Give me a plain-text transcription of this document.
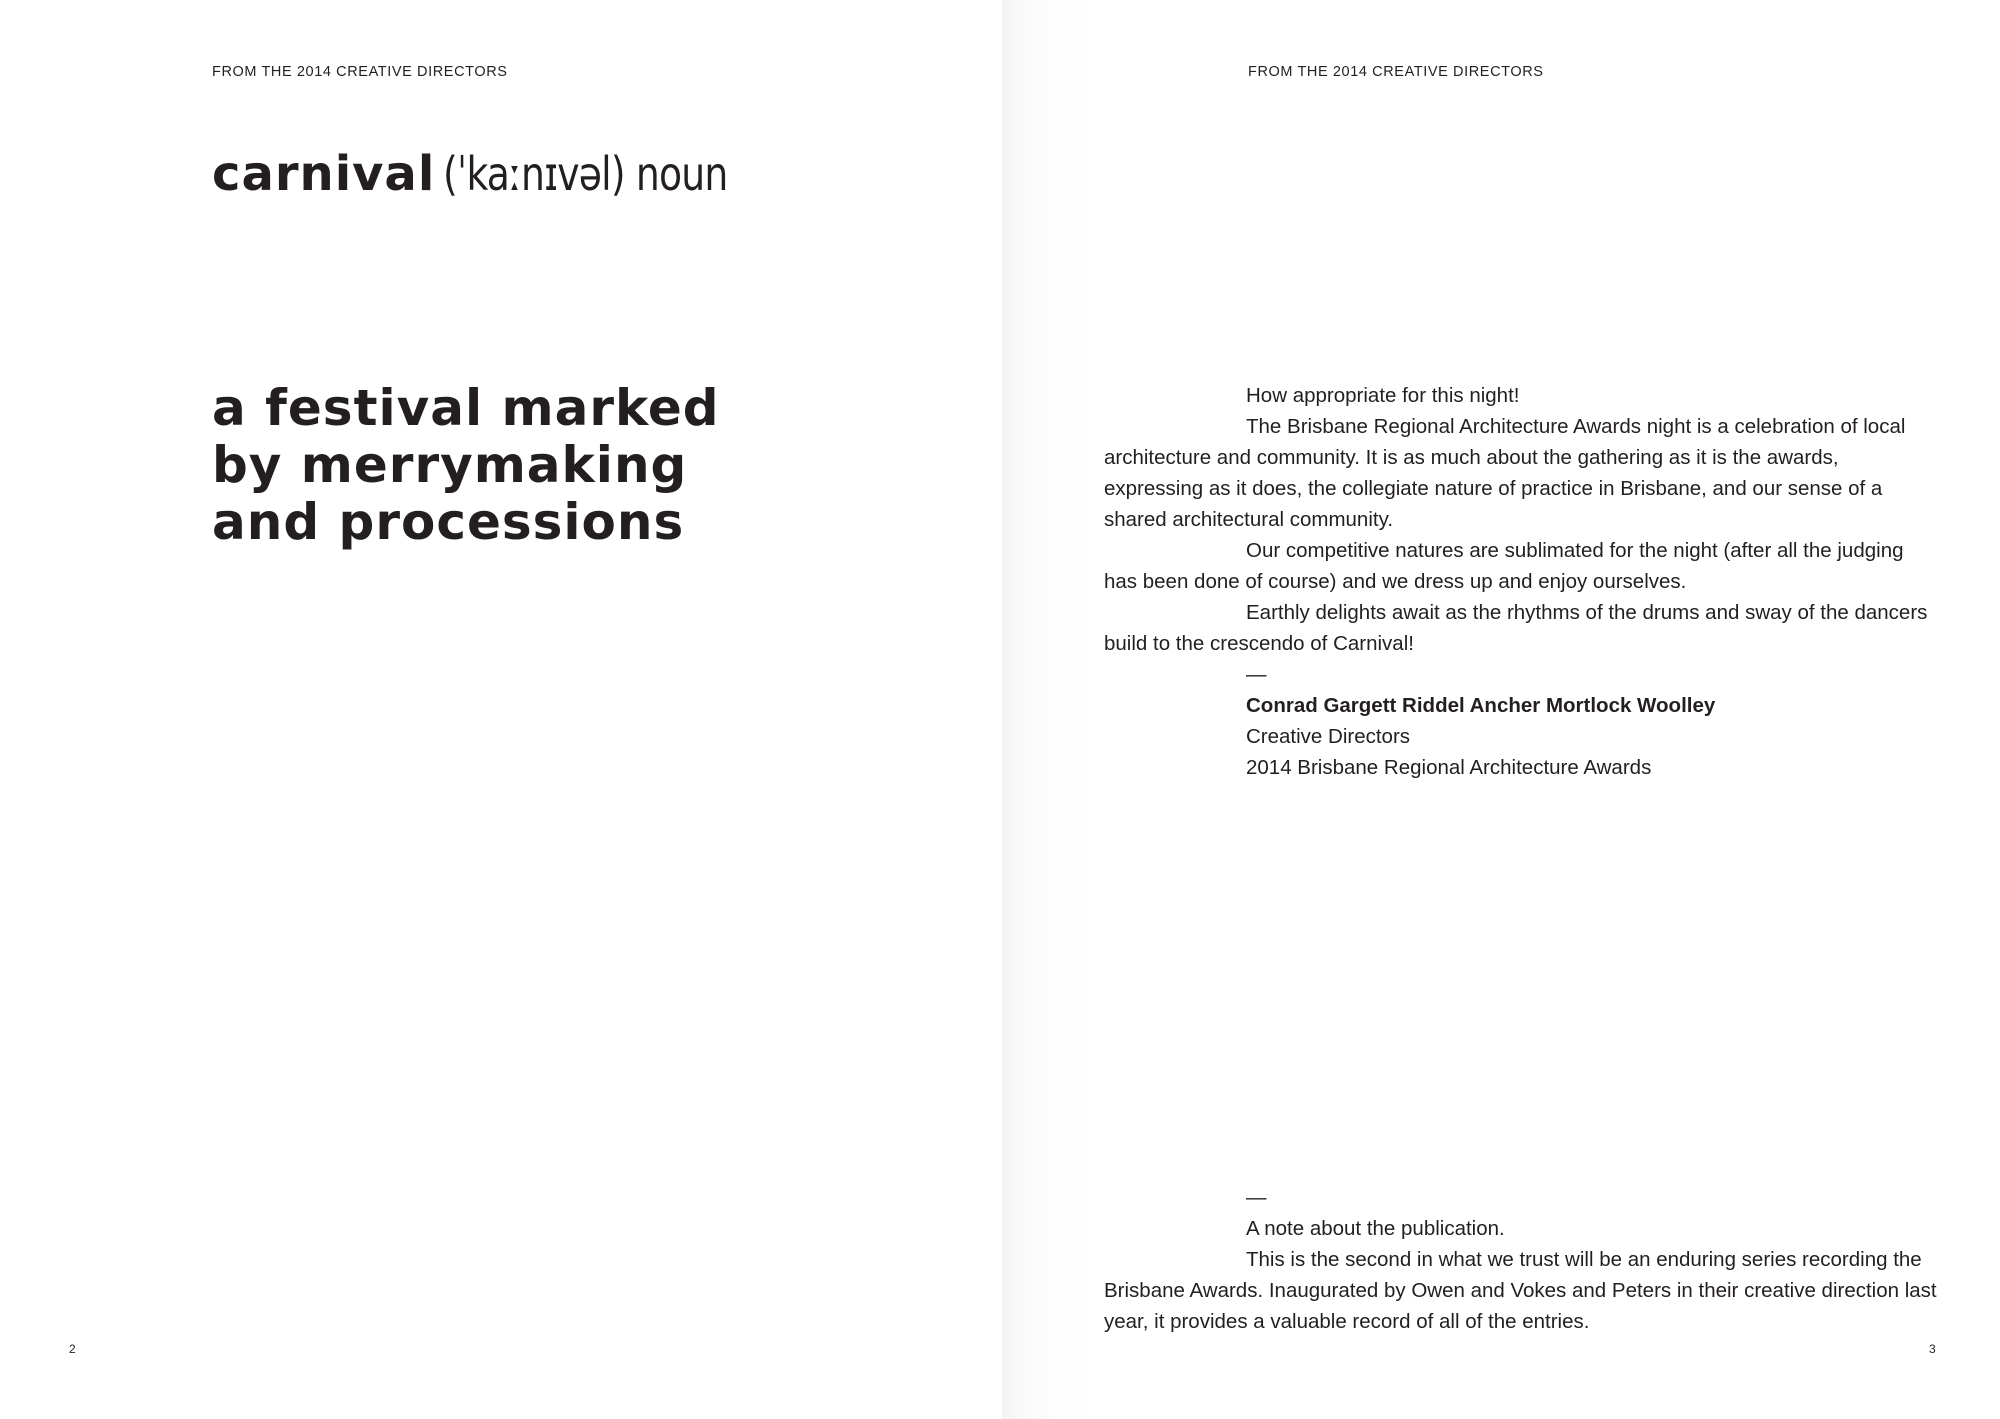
FROM THE 2014 CREATIVE DIRECTORS
carnival (ˈkaːnɪvəl) noun
a festival marked
by merrymaking
and processions
2
FROM THE 2014 CREATIVE DIRECTORS

How appropriate for this night!

The Brisbane Regional Architecture Awards night is a celebration of local architecture and community. It is as much about the gathering as it is the awards, expressing as it does, the collegiate nature of practice in Brisbane, and our sense of a shared architectural community.

Our competitive natures are sublimated for the night (after all the judging has been done of course) and we dress up and enjoy ourselves.

Earthly delights await as the rhythms of the drums and sway of the dancers build to the crescendo of Carnival!

—

Conrad Gargett Riddel Ancher Mortlock Woolley

Creative Directors

2014 Brisbane Regional Architecture Awards

—

A note about the publication.

This is the second in what we trust will be an enduring series recording the Brisbane Awards. Inaugurated by Owen and Vokes and Peters in their creative direction last year, it provides a valuable record of all of the entries.

3
